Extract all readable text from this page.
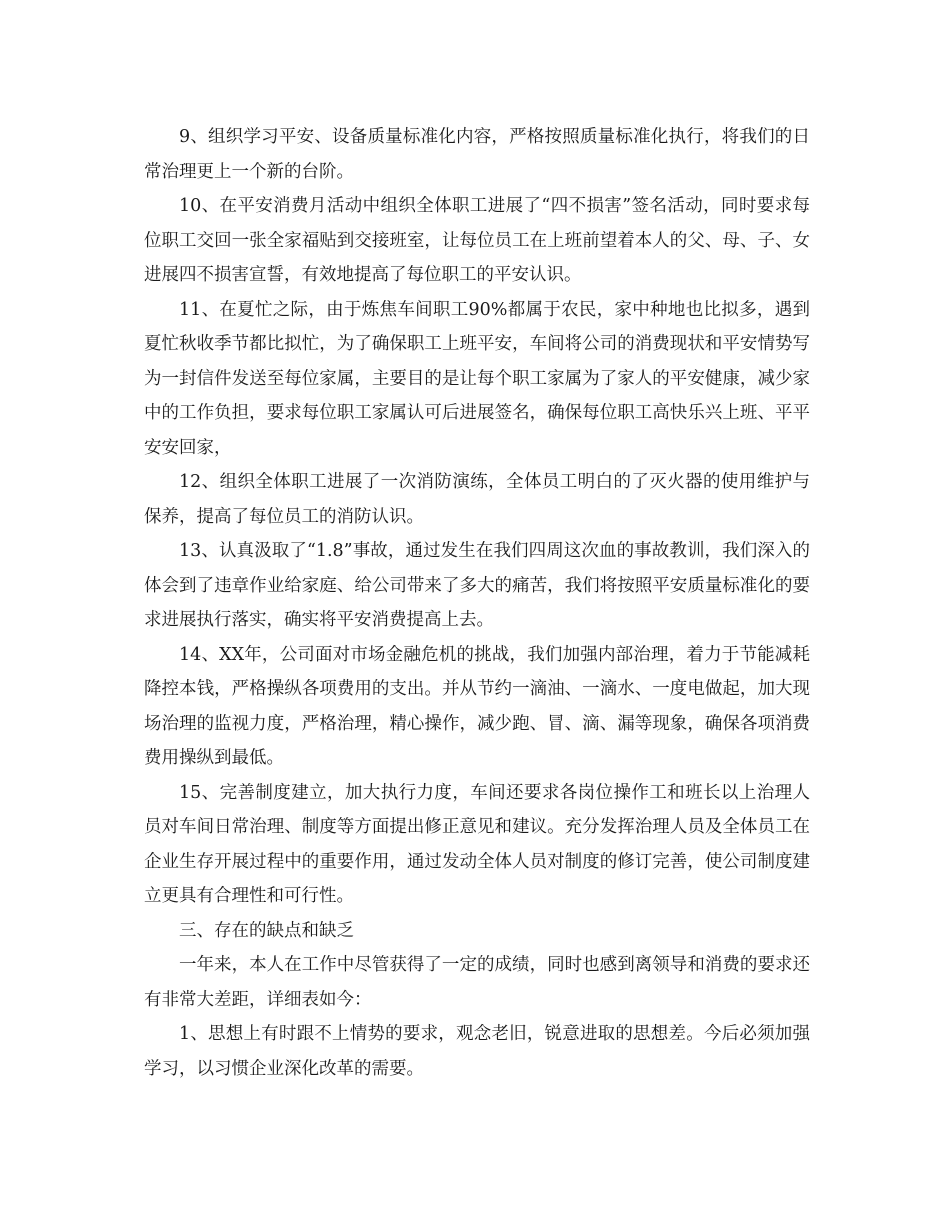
9、组织学习平安、设备质量标准化内容，严格按照质量标准化执行，将我们的日常治理更上一个新的台阶。

10、在平安消费月活动中组织全体职工进展了“四不损害”签名活动，同时要求每位职工交回一张全家福贴到交接班室，让每位员工在上班前望着本人的父、母、子、女进展四不损害宣誓，有效地提高了每位职工的平安认识。

11、在夏忙之际，由于炼焦车间职工90%都属于农民，家中种地也比拟多，遇到夏忙秋收季节都比拟忙，为了确保职工上班平安，车间将公司的消费现状和平安情势写为一封信件发送至每位家属，主要目的是让每个职工家属为了家人的平安健康，减少家中的工作负担，要求每位职工家属认可后进展签名，确保每位职工高快乐兴上班、平平安安回家，

12、组织全体职工进展了一次消防演练，全体员工明白的了灭火器的使用维护与保养，提高了每位员工的消防认识。

13、认真汲取了“1.8”事故，通过发生在我们四周这次血的事故教训，我们深入的体会到了违章作业给家庭、给公司带来了多大的痛苦，我们将按照平安质量标准化的要求进展执行落实，确实将平安消费提高上去。

14、XX年，公司面对市场金融危机的挑战，我们加强内部治理，着力于节能减耗降控本钱，严格操纵各项费用的支出。并从节约一滴油、一滴水、一度电做起，加大现场治理的监视力度，严格治理，精心操作，减少跑、冒、滴、漏等现象，确保各项消费费用操纵到最低。

15、完善制度建立，加大执行力度，车间还要求各岗位操作工和班长以上治理人员对车间日常治理、制度等方面提出修正意见和建议。充分发挥治理人员及全体员工在企业生存开展过程中的重要作用，通过发动全体人员对制度的修订完善，使公司制度建立更具有合理性和可行性。

三、存在的缺点和缺乏

一年来，本人在工作中尽管获得了一定的成绩，同时也感到离领导和消费的要求还有非常大差距，详细表如今：

1、思想上有时跟不上情势的要求，观念老旧，锐意进取的思想差。今后必须加强学习，以习惯企业深化改革的需要。
